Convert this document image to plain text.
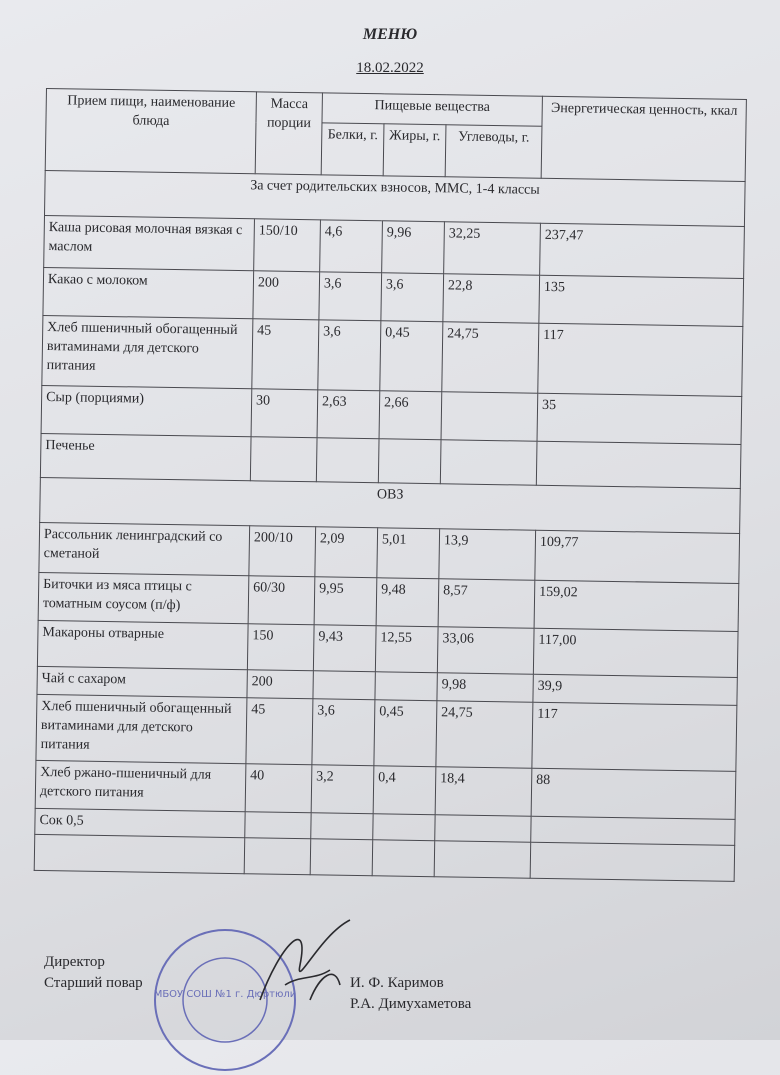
МЕНЮ
18.02.2022
Прием пищи, наименование блюда	Масса порции	Пищевые вещества			Энергетическая ценность, ккал
		Белки, г.	Жиры, г.	Углеводы, г.	
За счет родительских взносов, ММС, 1-4 классы					
Каша рисовая молочная вязкая с маслом	150/10	4,6	9,96	32,25	237,47
Какао с молоком	200	3,6	3,6	22,8	135
Хлеб пшеничный обогащенный витаминами для детского питания	45	3,6	0,45	24,75	117
Сыр (порциями)	30	2,63	2,66		35
Печенье					
ОВЗ					
Рассольник ленинградский со сметаной	200/10	2,09	5,01	13,9	109,77
Биточки из мяса птицы с томатным соусом (п/ф)	60/30	9,95	9,48	8,57	159,02
Макароны отварные	150	9,43	12,55	33,06	117,00
Чай с сахаром	200			9,98	39,9
Хлеб пшеничный обогащенный витаминами для детского питания	45	3,6	0,45	24,75	117
Хлеб ржано-пшеничный для детского питания	40	3,2	0,4	18,4	88
Сок 0,5					

МБОУ СОШ №1 г. Дюртюли
Директор
Старший повар	И. Ф. Каримов
Р.А. Димухаметова
